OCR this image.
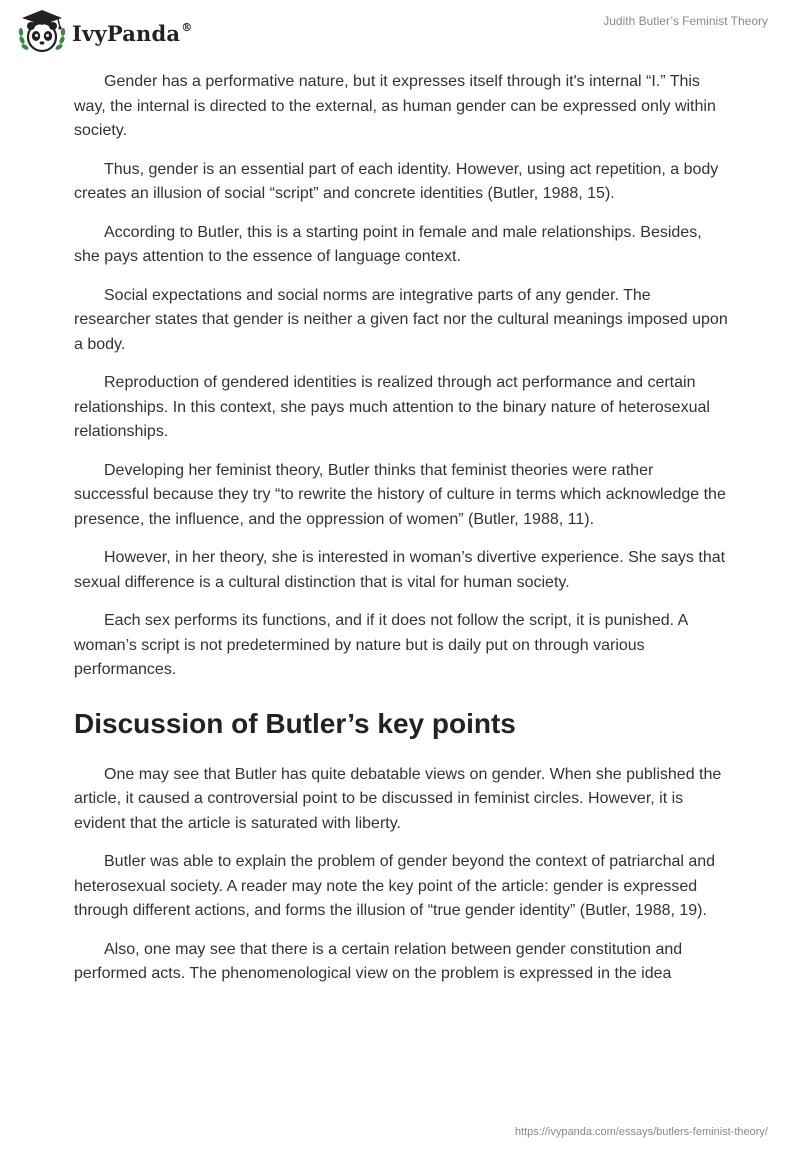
IvyPanda®	Judith Butler’s Feminist Theory

Gender has a performative nature, but it expresses itself through it's internal “I.” This way, the internal is directed to the external, as human gender can be expressed only within society.

Thus, gender is an essential part of each identity. However, using act repetition, a body creates an illusion of social “script” and concrete identities (Butler, 1988, 15).

According to Butler, this is a starting point in female and male relationships. Besides, she pays attention to the essence of language context.

Social expectations and social norms are integrative parts of any gender. The researcher states that gender is neither a given fact nor the cultural meanings imposed upon a body.

Reproduction of gendered identities is realized through act performance and certain relationships. In this context, she pays much attention to the binary nature of heterosexual relationships.

Developing her feminist theory, Butler thinks that feminist theories were rather successful because they try “to rewrite the history of culture in terms which acknowledge the presence, the influence, and the oppression of women” (Butler, 1988, 11).

However, in her theory, she is interested in woman’s divertive experience. She says that sexual difference is a cultural distinction that is vital for human society.

Each sex performs its functions, and if it does not follow the script, it is punished. A woman’s script is not predetermined by nature but is daily put on through various performances.

Discussion of Butler’s key points

One may see that Butler has quite debatable views on gender. When she published the article, it caused a controversial point to be discussed in feminist circles. However, it is evident that the article is saturated with liberty.

Butler was able to explain the problem of gender beyond the context of patriarchal and heterosexual society. A reader may note the key point of the article: gender is expressed through different actions, and forms the illusion of “true gender identity” (Butler, 1988, 19).

Also, one may see that there is a certain relation between gender constitution and performed acts. The phenomenological view on the problem is expressed in the idea

https://ivypanda.com/essays/butlers-feminist-theory/
